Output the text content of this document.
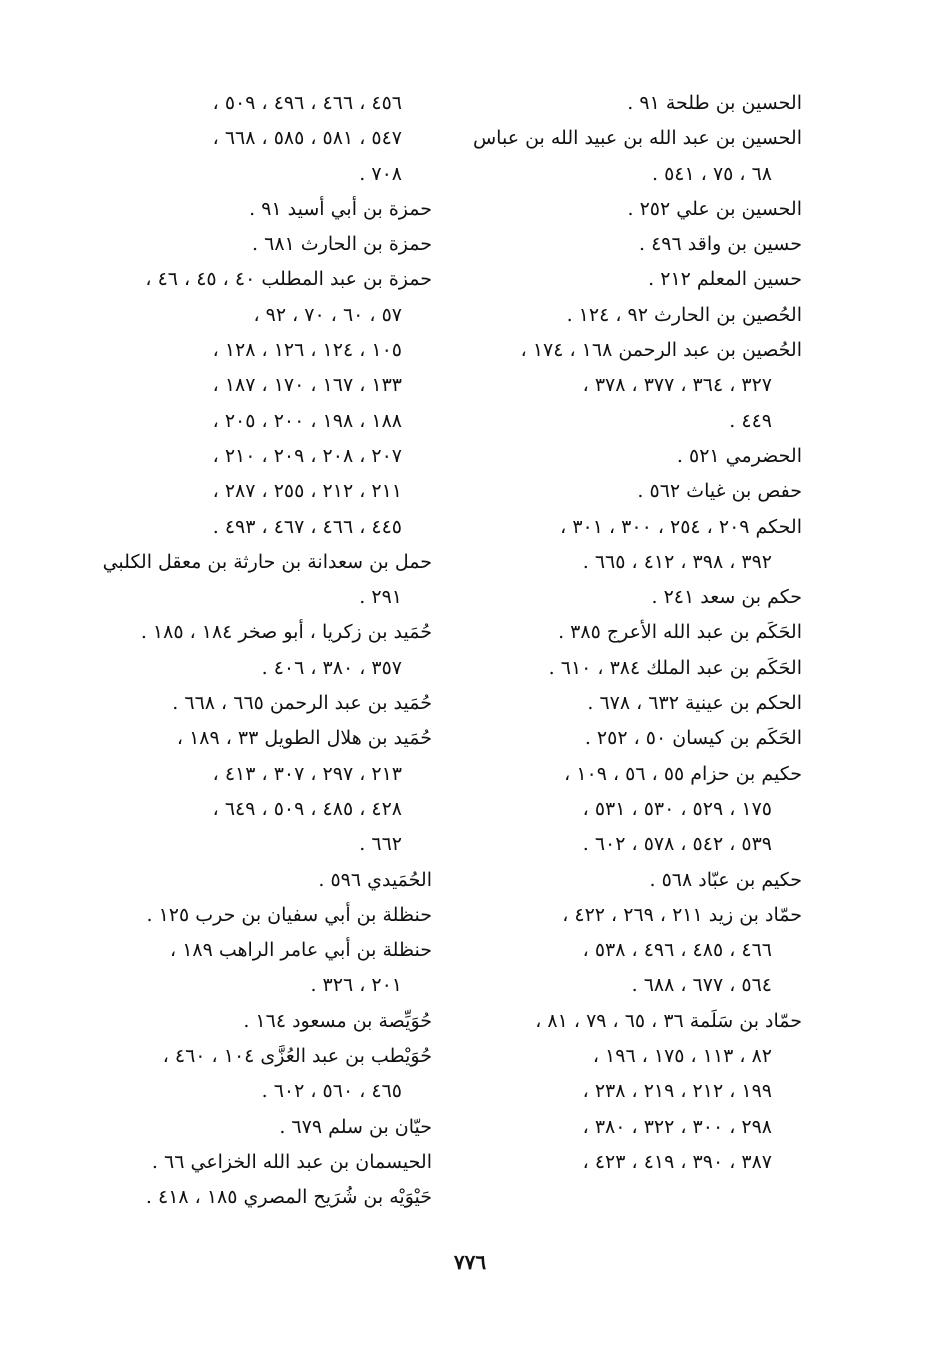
الحسين بن طلحة ٩١ .
الحسين بن عبد الله بن عبيد الله بن عباس
٦٨ ، ٧٥ ، ٥٤١ .
الحسين بن علي ٢٥٢ .
حسين بن واقد ٤٩٦ .
حسين المعلم ٢١٢ .
الحُصين بن الحارث ٩٢ ، ١٢٤ .
الحُصين بن عبد الرحمن ١٦٨ ، ١٧٤ ،
٣٢٧ ، ٣٦٤ ، ٣٧٧ ، ٣٧٨ ،
٤٤٩ .
الحضرمي ٥٢١ .
حفص بن غياث ٥٦٢ .
الحكم ٢٠٩ ، ٢٥٤ ، ٣٠٠ ، ٣٠١ ،
٣٩٢ ، ٣٩٨ ، ٤١٢ ، ٦٦٥ .
حكم بن سعد ٢٤١ .
الحَكَم بن عبد الله الأعرج ٣٨٥ .
الحَكَم بن عبد الملك ٣٨٤ ، ٦١٠ .
الحكم بن عينية ٦٣٢ ، ٦٧٨ .
الحَكَم بن كيسان ٥٠ ، ٢٥٢ .
حكيم بن حزام ٥٥ ، ٥٦ ، ١٠٩ ،
١٧٥ ، ٥٢٩ ، ٥٣٠ ، ٥٣١ ،
٥٣٩ ، ٥٤٢ ، ٥٧٨ ، ٦٠٢ .
حكيم بن عبّاد ٥٦٨ .
حمّاد بن زيد ٢١١ ، ٢٦٩ ، ٤٢٢ ،
٤٦٦ ، ٤٨٥ ، ٤٩٦ ، ٥٣٨ ،
٥٦٤ ، ٦٧٧ ، ٦٨٨ .
حمّاد بن سَلَمة ٣٦ ، ٦٥ ، ٧٩ ، ٨١ ،
٨٢ ، ١١٣ ، ١٧٥ ، ١٩٦ ،
١٩٩ ، ٢١٢ ، ٢١٩ ، ٢٣٨ ،
٢٩٨ ، ٣٠٠ ، ٣٢٢ ، ٣٨٠ ،
٣٨٧ ، ٣٩٠ ، ٤١٩ ، ٤٢٣ ،
٤٥٦ ، ٤٦٦ ، ٤٩٦ ، ٥٠٩ ،
٥٤٧ ، ٥٨١ ، ٥٨٥ ، ٦٦٨ ،
٧٠٨ .
حمزة بن أبي أسيد ٩١ .
حمزة بن الحارث ٦٨١ .
حمزة بن عبد المطلب ٤٠ ، ٤٥ ، ٤٦ ،
٥٧ ، ٦٠ ، ٧٠ ، ٩٢ ،
١٠٥ ، ١٢٤ ، ١٢٦ ، ١٢٨ ،
١٣٣ ، ١٦٧ ، ١٧٠ ، ١٨٧ ،
١٨٨ ، ١٩٨ ، ٢٠٠ ، ٢٠٥ ،
٢٠٧ ، ٢٠٨ ، ٢٠٩ ، ٢١٠ ،
٢١١ ، ٢١٢ ، ٢٥٥ ، ٢٨٧ ،
٤٤٥ ، ٤٦٦ ، ٤٦٧ ، ٤٩٣ .
حمل بن سعدانة بن حارثة بن معقل الكلبي
٢٩١ .
حُمَيد بن زكريا ، أبو صخر ١٨٤ ، ١٨٥ .
٣٥٧ ، ٣٨٠ ، ٤٠٦ .
حُمَيد بن عبد الرحمن ٦٦٥ ، ٦٦٨ .
حُمَيد بن هلال الطويل ٣٣ ، ١٨٩ ،
٢١٣ ، ٢٩٧ ، ٣٠٧ ، ٤١٣ ،
٤٢٨ ، ٤٨٥ ، ٥٠٩ ، ٦٤٩ ،
٦٦٢ .
الحُمَيدي ٥٩٦ .
حنظلة بن أبي سفيان بن حرب ١٢٥ .
حنظلة بن أبي عامر الراهب ١٨٩ ،
٢٠١ ، ٣٢٦ .
حُوَيِّصة بن مسعود ١٦٤ .
حُوَيْطب بن عبد العُزَّى ١٠٤ ، ٤٦٠ ،
٤٦٥ ، ٥٦٠ ، ٦٠٢ .
حيّان بن سلم ٦٧٩ .
الحيسمان بن عبد الله الخزاعي ٦٦ .
حَيْوَيْه بن شُرَيح المصري ١٨٥ ، ٤١٨ .
٧٧٦
